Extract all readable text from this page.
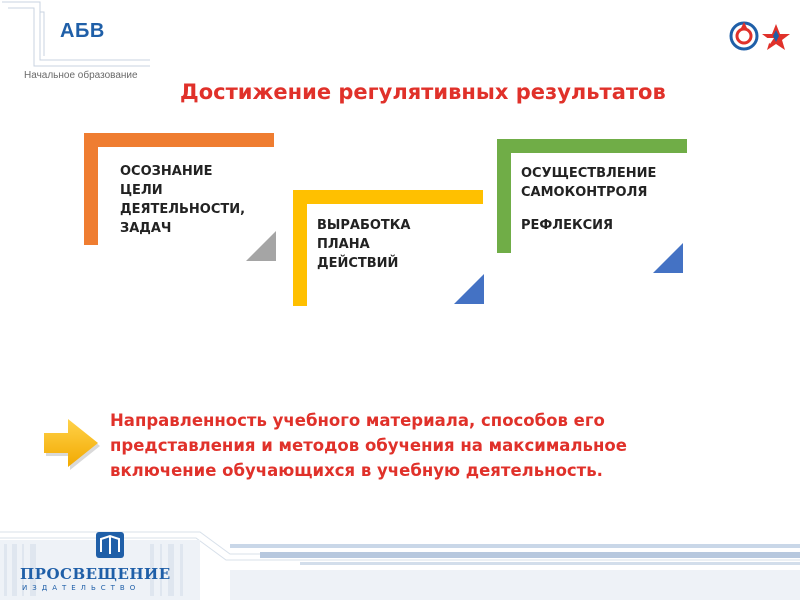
АБВ
Начальное образование
Достижение регулятивных результатов
ОСОЗНАНИЕ
ЦЕЛИ
ДЕЯТЕЛЬНОСТИ,
ЗАДАЧ	ВЫРАБОТКА
ПЛАНА
ДЕЙСТВИЙ
ОСУЩЕСТВЛЕНИЕ
САМОКОНТРОЛЯ
РЕФЛЕКСИЯ
Направленность учебного материала, способов его
представления и методов обучения на максимальное
включение обучающихся в учебную деятельность.
ПРОСВЕЩЕНИЕ
ИЗДАТЕЛЬСТВО
